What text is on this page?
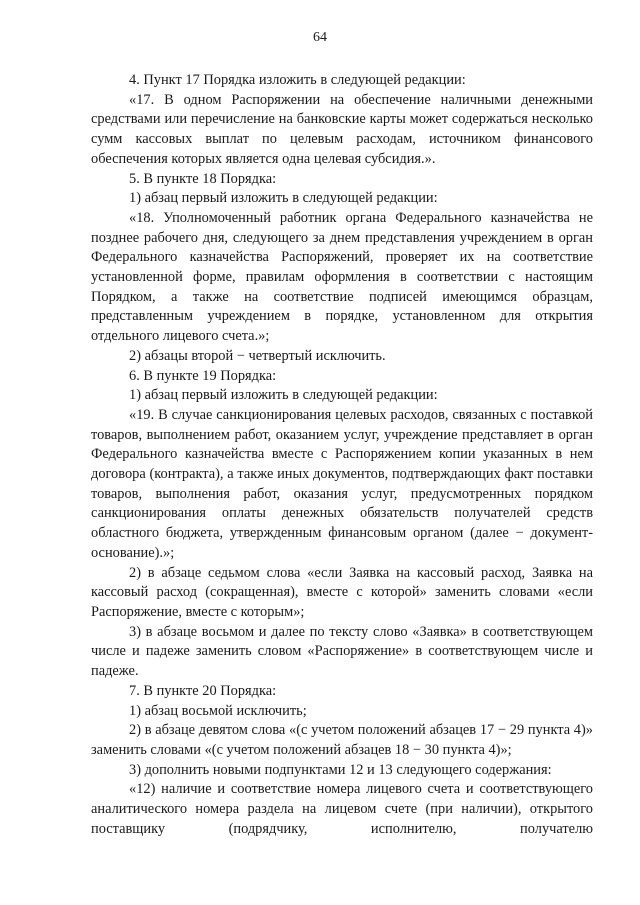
64

4. Пункт 17 Порядка изложить в следующей редакции:

«17. В одном Распоряжении на обеспечение наличными денежными средствами или перечисление на банковские карты может содержаться несколько сумм кассовых выплат по целевым расходам, источником финансового обеспечения которых является одна целевая субсидия.».

5. В пункте 18 Порядка:

1) абзац первый изложить в следующей редакции:

«18. Уполномоченный работник органа Федерального казначейства не позднее рабочего дня, следующего за днем представления учреждением в орган Федерального казначейства Распоряжений, проверяет их на соответствие установленной форме, правилам оформления в соответствии с настоящим Порядком, а также на соответствие подписей имеющимся образцам, представленным учреждением в порядке, установленном для открытия отдельного лицевого счета.»;

2) абзацы второй − четвертый исключить.

6. В пункте 19 Порядка:

1) абзац первый изложить в следующей редакции:

«19. В случае санкционирования целевых расходов, связанных с поставкой товаров, выполнением работ, оказанием услуг, учреждение представляет в орган Федерального казначейства вместе с Распоряжением копии указанных в нем договора (контракта), а также иных документов, подтверждающих факт поставки товаров, выполнения работ, оказания услуг, предусмотренных порядком санкционирования оплаты денежных обязательств получателей средств областного бюджета, утвержденным финансовым органом (далее − документ-основание).»;

2) в абзаце седьмом слова «если Заявка на кассовый расход, Заявка на кассовый расход (сокращенная), вместе с которой» заменить словами «если Распоряжение, вместе с которым»;

3) в абзаце восьмом и далее по тексту слово «Заявка» в соответствующем числе и падеже заменить словом «Распоряжение» в соответствующем числе и падеже.

7. В пункте 20 Порядка:

1) абзац восьмой исключить;

2) в абзаце девятом слова «(с учетом положений абзацев 17 − 29 пункта 4)» заменить словами «(с учетом положений абзацев 18 − 30 пункта 4)»;

3) дополнить новыми подпунктами 12 и 13 следующего содержания:

«12) наличие и соответствие номера лицевого счета и соответствующего аналитического номера раздела на лицевом счете (при наличии), открытого поставщику (подрядчику, исполнителю, получателю
